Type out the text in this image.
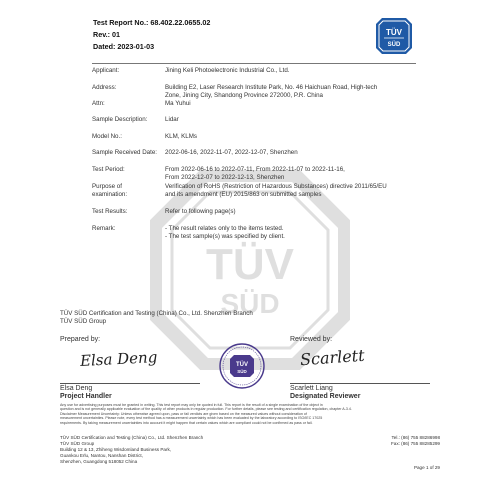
Test Report No.: 68.402.22.0655.02
Rev.: 01
Dated: 2023-01-03
TÜV
SÜD
TÜV
SÜD
Applicant:	Jining Keli Photoelectronic Industrial Co., Ltd.
Address:	Building E2, Laser Research Institute Park, No. 46 Haichuan Road, High-tech
Zone, Jining City, Shandong Province 272000, P.R. China
Attn:	Ma Yuhui
Sample Description:	Lidar
Model No.:	KLM, KLMs
Sample Received Date: 2022-06-16, 2022-11-07, 2022-12-07, Shenzhen
Test Period:	From 2022-06-16 to 2022-07-11, From 2022-11-07 to 2022-11-16,
From 2022-12-07 to 2022-12-13, Shenzhen
Purpose of
examination:
Verification of RoHS (Restriction of Hazardous Substances) directive 2011/65/EU
and its amendment (EU) 2015/863 on submitted samples
Test Results:	Refer to following page(s)
Remark:	- The result relates only to the items tested.
- The test sample(s) was specified by client.
TÜV SÜD Certification and Testing (China) Co., Ltd. Shenzhen Branch
TÜV SÜD Group
Prepared by:	Reviewed by:
Elsa Deng	Scarlett
TÜV
SÜD
Elsa Deng
Project Handler
Scarlett Liang
Designated Reviewer
Any use for advertising purposes must be granted in writing. This test report may only be quoted in full. This report is the result of a single examination of the object in
question and is not generally applicable evaluation of the quality of other products in regular production. For further details, please see testing and certification regulation, chapter A-3.4.
Disclaimer Measurement Uncertainty: Unless otherwise agreed upon, pass or fail verdicts are given based on the measured values without consideration of
measurement uncertainties. Please note, every test method has a measurement uncertainty which has been evaluated by the laboratory according to ISO/IEC 17025
requirements. By taking measurement uncertainties into account it might happen that certain values which are compliant could not be confirmed as pass or fail.
TÜV SÜD Certification and Testing (China) Co., Ltd. Shenzhen Branch
TÜV SÜD Group
Building 12 & 13, Zhiheng Wisdomland Business Park,
Guankou Erlu, Nantou, Nanshan District,
Shenzhen, Guangdong 518052 China
Tel.: (86) 755 88286998
Fax: (86) 755 88285299
Page 1 of 29
